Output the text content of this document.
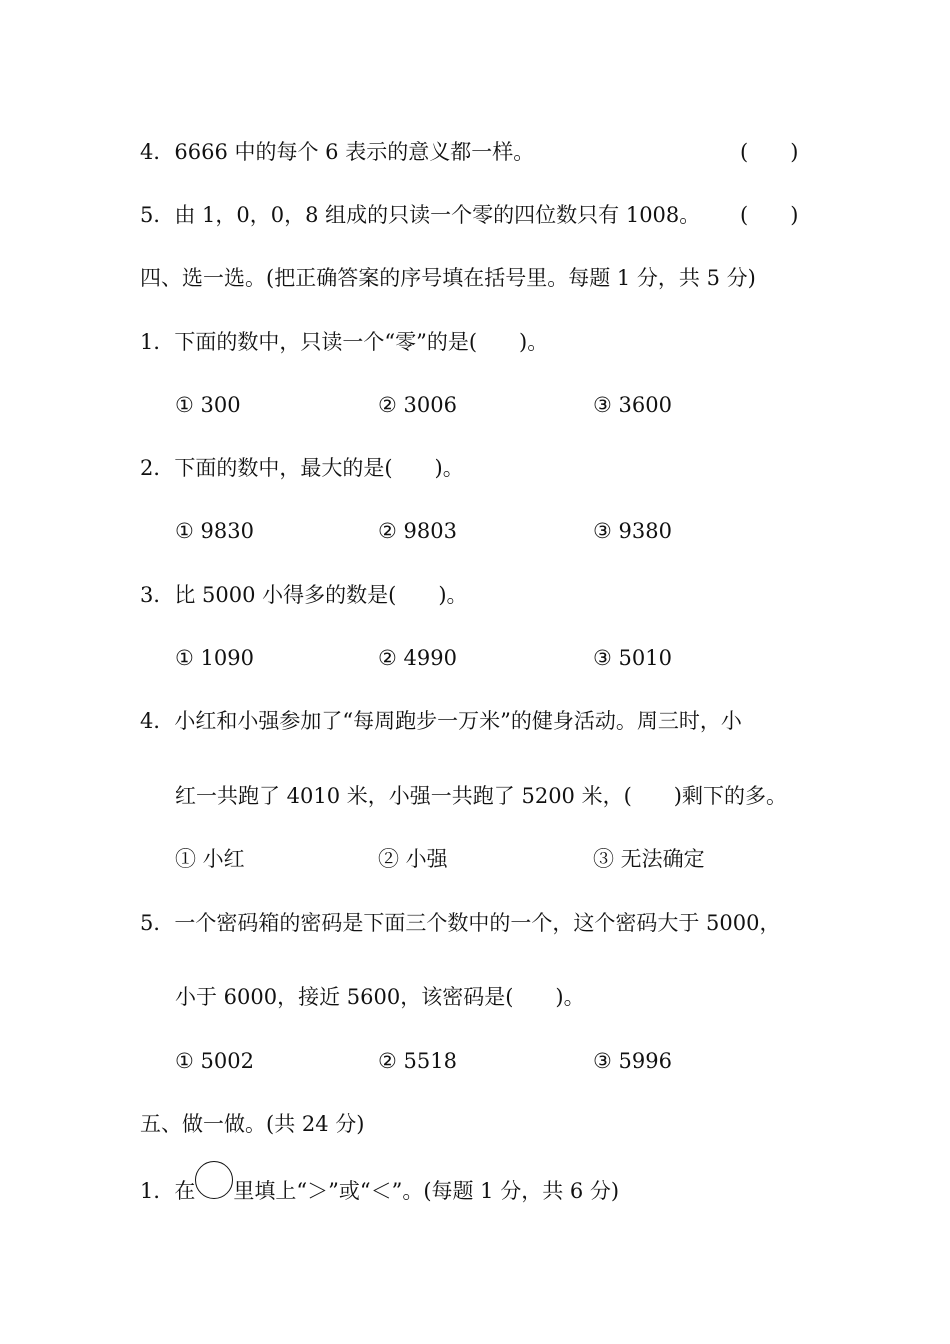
4．6666 中的每个 6 表示的意义都一样。	(　　)
5．由 1，0，0，8 组成的只读一个零的四位数只有 1008。 (　　)
四、选一选。(把正确答案的序号填在括号里。每题 1 分，共 5 分)
1．下面的数中，只读一个“零”的是(　　)。
① 300	② 3006	③ 3600
2．下面的数中，最大的是(　　)。
① 9830	② 9803	③ 9380
3．比 5000 小得多的数是(　　)。
① 1090	② 4990	③ 5010
4．小红和小强参加了“每周跑步一万米”的健身活动。周三时，小
红一共跑了 4010 米，小强一共跑了 5200 米，(　　)剩下的多。
① 小红	② 小强	③ 无法确定
5．一个密码箱的密码是下面三个数中的一个，这个密码大于 5000，
小于 6000，接近 5600，该密码是(　　)。
① 5002	② 5518	③ 5996
五、做一做。(共 24 分)
1．在 里填上“＞”或“＜”。(每题 1 分，共 6 分)
